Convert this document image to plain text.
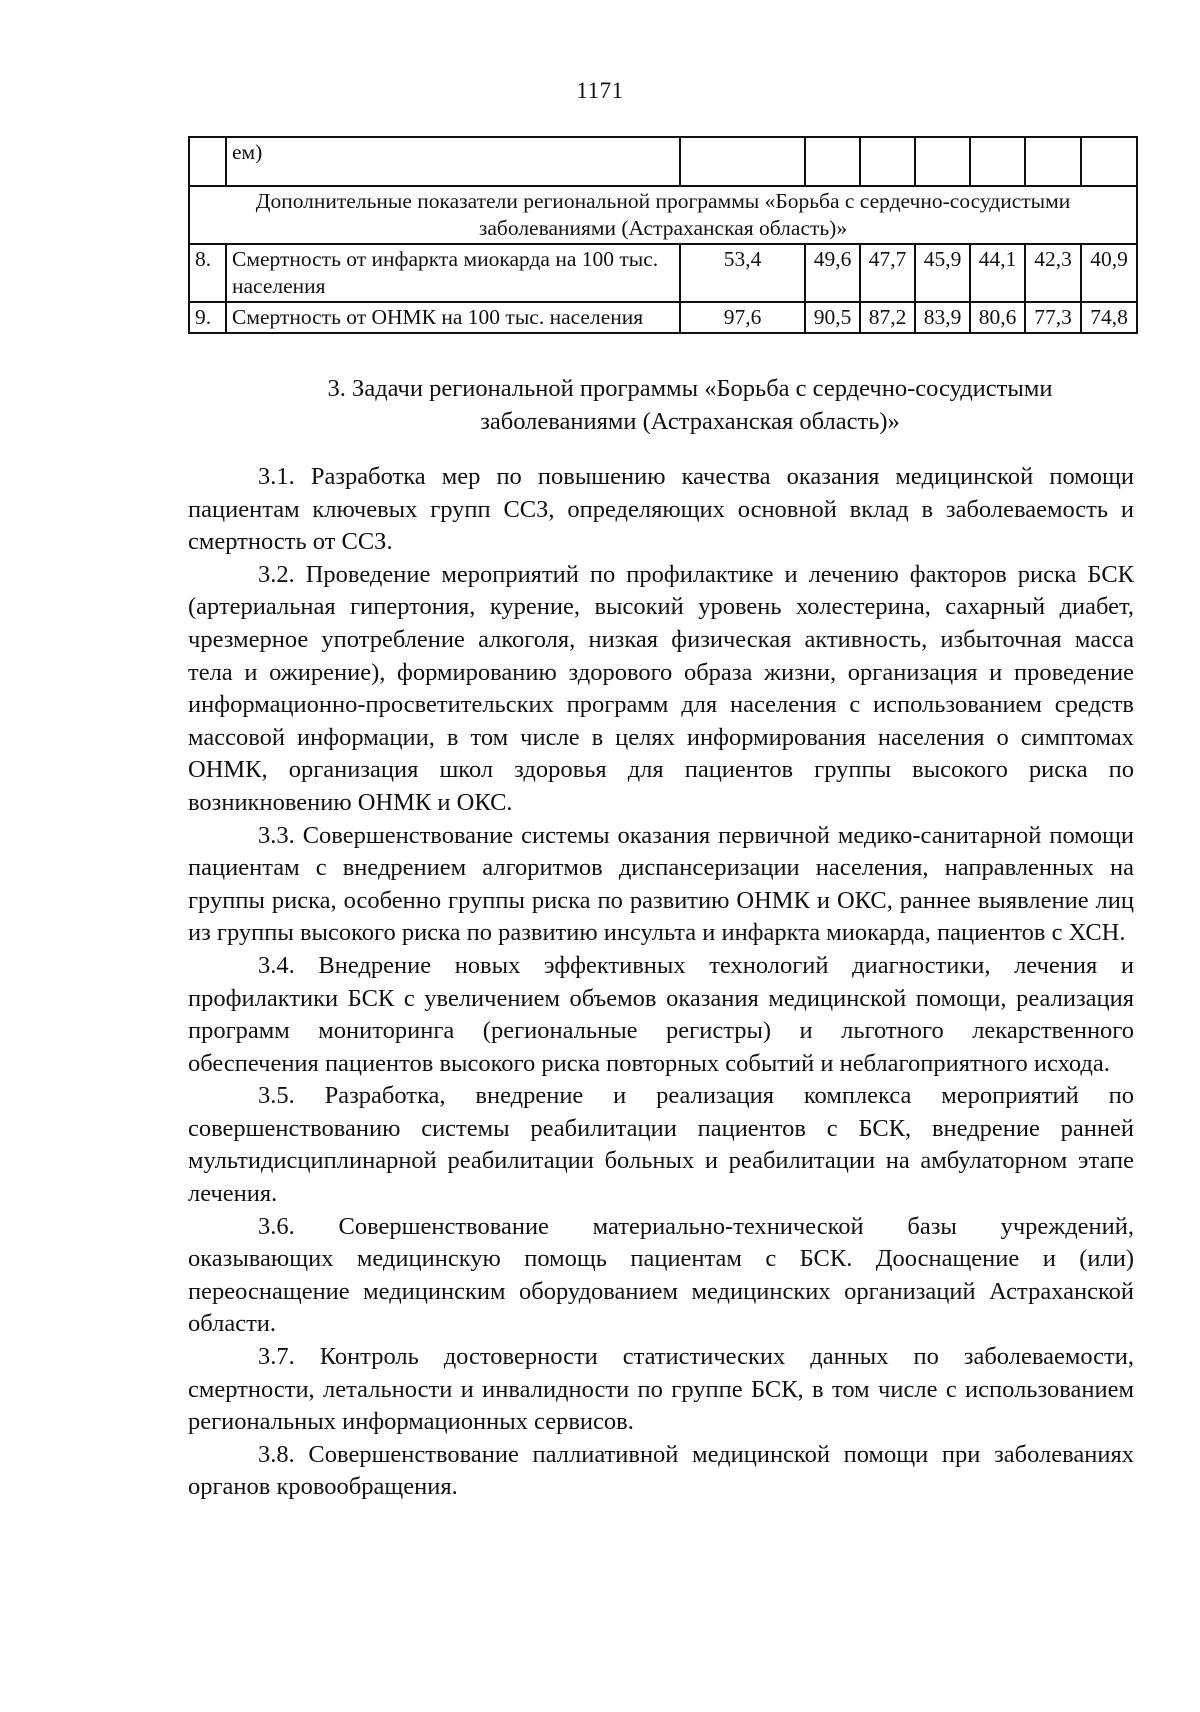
1171
	ем)							
Дополнительные показатели региональной программы «Борьба с сердечно-сосудистыми заболеваниями (Астраханская область)»								
8.	Смертность от инфаркта миокарда на 100 тыс. населения	53,4	49,6	47,7	45,9	44,1	42,3	40,9
9.	Смертность от ОНМК на 100 тыс. населения	97,6	90,5	87,2	83,9	80,6	77,3	74,8
3. Задачи региональной программы «Борьба с сердечно-сосудистыми заболеваниями (Астраханская область)»

3.1. Разработка мер по повышению качества оказания медицинской помощи пациентам ключевых групп ССЗ, определяющих основной вклад в заболеваемость и смертность от ССЗ.

3.2. Проведение мероприятий по профилактике и лечению факторов риска БСК (артериальная гипертония, курение, высокий уровень холестерина, сахарный диабет, чрезмерное употребление алкоголя, низкая физическая активность, избыточная масса тела и ожирение), формированию здорового образа жизни, организация и проведение информационно-просветительских программ для населения с использованием средств массовой информации, в том числе в целях информирования населения о симптомах ОНМК, организация школ здоровья для пациентов группы высокого риска по возникновению ОНМК и ОКС.

3.3. Совершенствование системы оказания первичной медико-санитарной помощи пациентам с внедрением алгоритмов диспансеризации населения, направленных на группы риска, особенно группы риска по развитию ОНМК и ОКС, раннее выявление лиц из группы высокого риска по развитию инсульта и инфаркта миокарда, пациентов с ХСН.

3.4. Внедрение новых эффективных технологий диагностики, лечения и профилактики БСК с увеличением объемов оказания медицинской помощи, реализация программ мониторинга (региональные регистры) и льготного лекарственного обеспечения пациентов высокого риска повторных событий и неблагоприятного исхода.

3.5. Разработка, внедрение и реализация комплекса мероприятий по совершенствованию системы реабилитации пациентов с БСК, внедрение ранней мультидисциплинарной реабилитации больных и реабилитации на амбулаторном этапе лечения.

3.6. Совершенствование материально-технической базы учреждений, оказывающих медицинскую помощь пациентам с БСК. Дооснащение и (или) переоснащение медицинским оборудованием медицинских организаций Астраханской области.

3.7. Контроль достоверности статистических данных по заболеваемости, смертности, летальности и инвалидности по группе БСК, в том числе с использованием региональных информационных сервисов.

3.8. Совершенствование паллиативной медицинской помощи при заболеваниях органов кровообращения.
